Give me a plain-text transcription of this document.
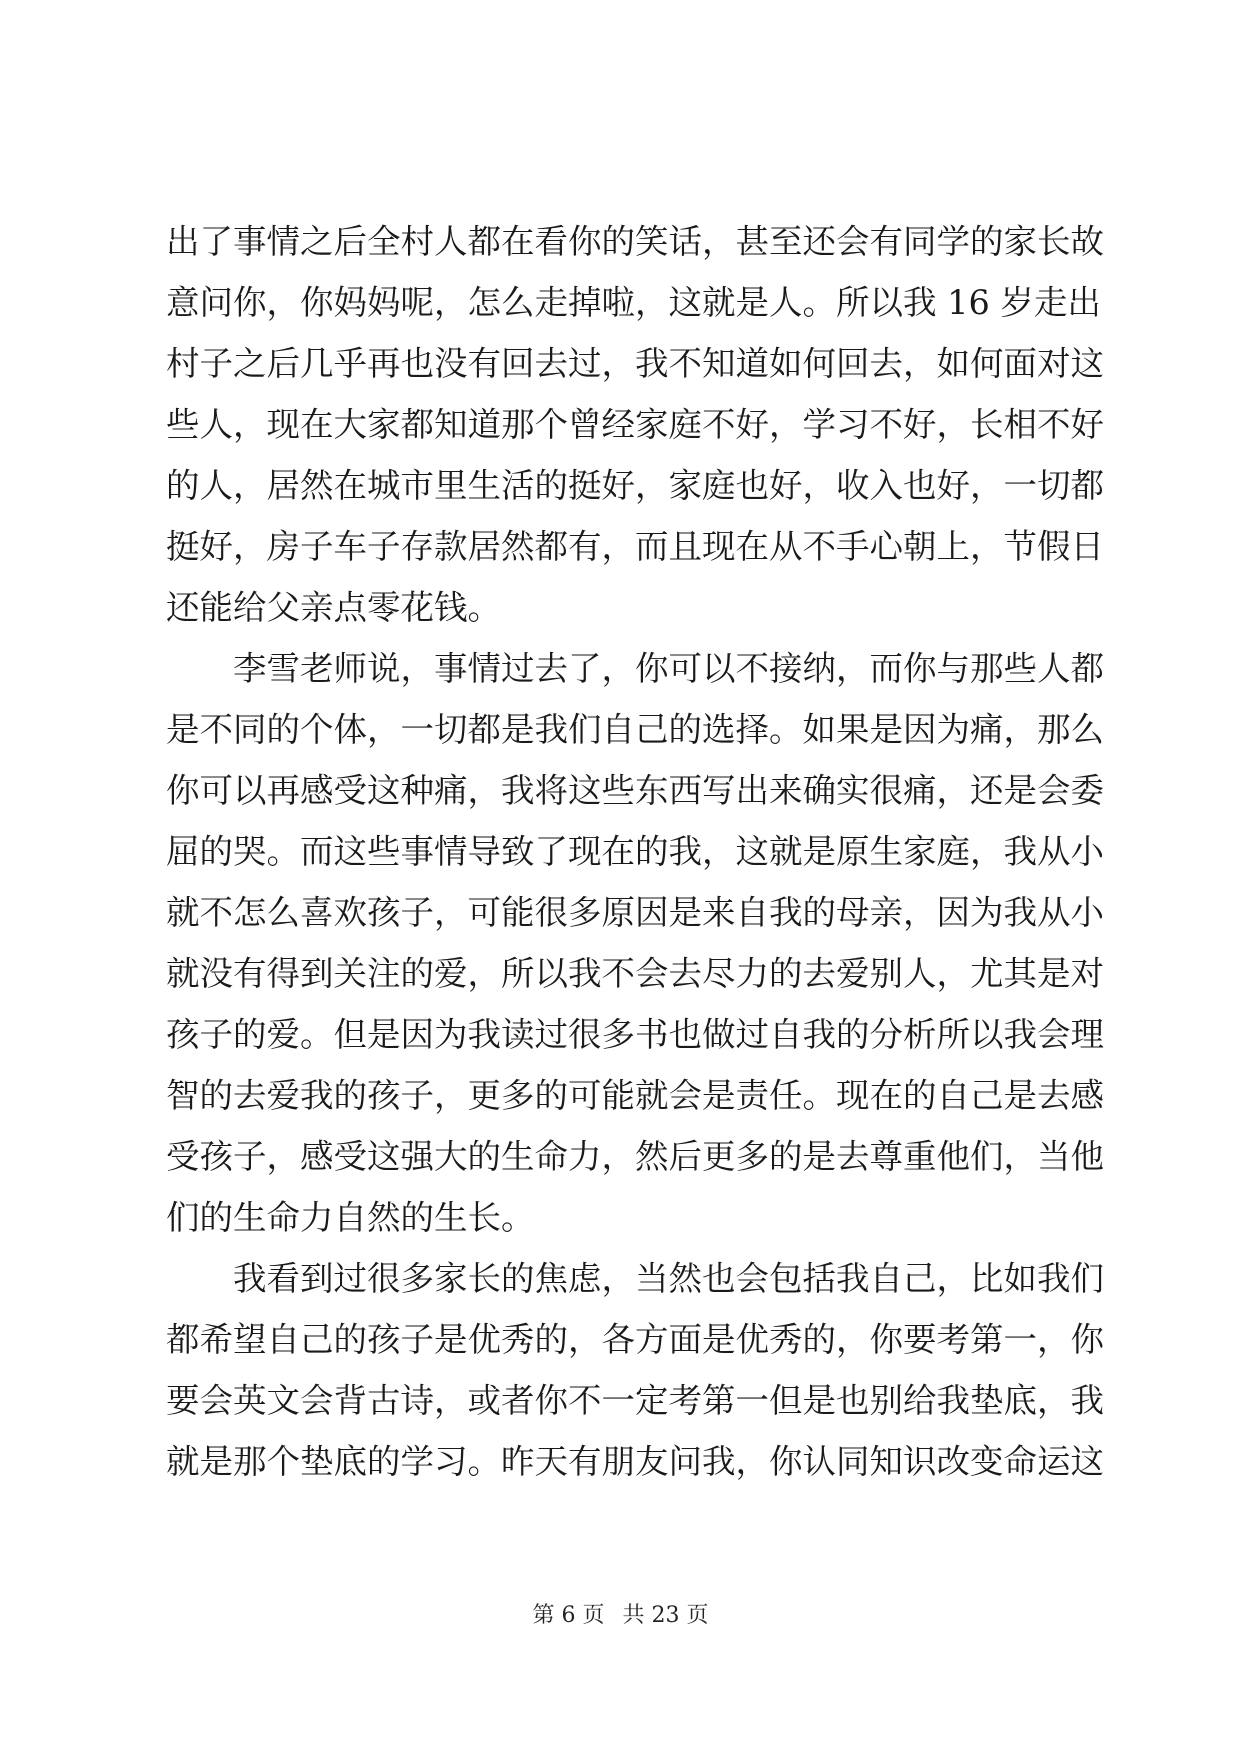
出了事情之后全村人都在看你的笑话，甚至还会有同学的家长故
意问你，你妈妈呢，怎么走掉啦，这就是人。所以我 16 岁走出
村子之后几乎再也没有回去过，我不知道如何回去，如何面对这
些人，现在大家都知道那个曾经家庭不好，学习不好，长相不好
的人，居然在城市里生活的挺好，家庭也好，收入也好，一切都
挺好，房子车子存款居然都有，而且现在从不手心朝上，节假日
还能给父亲点零花钱。
李雪老师说，事情过去了，你可以不接纳，而你与那些人都
是不同的个体，一切都是我们自己的选择。如果是因为痛，那么
你可以再感受这种痛，我将这些东西写出来确实很痛，还是会委
屈的哭。而这些事情导致了现在的我，这就是原生家庭，我从小
就不怎么喜欢孩子，可能很多原因是来自我的母亲，因为我从小
就没有得到关注的爱，所以我不会去尽力的去爱别人，尤其是对
孩子的爱。但是因为我读过很多书也做过自我的分析所以我会理
智的去爱我的孩子，更多的可能就会是责任。现在的自己是去感
受孩子，感受这强大的生命力，然后更多的是去尊重他们，当他
们的生命力自然的生长。
我看到过很多家长的焦虑，当然也会包括我自己，比如我们
都希望自己的孩子是优秀的，各方面是优秀的，你要考第一，你
要会英文会背古诗，或者你不一定考第一但是也别给我垫底，我
就是那个垫底的学习。昨天有朋友问我，你认同知识改变命运这
第 6 页 共 23 页
